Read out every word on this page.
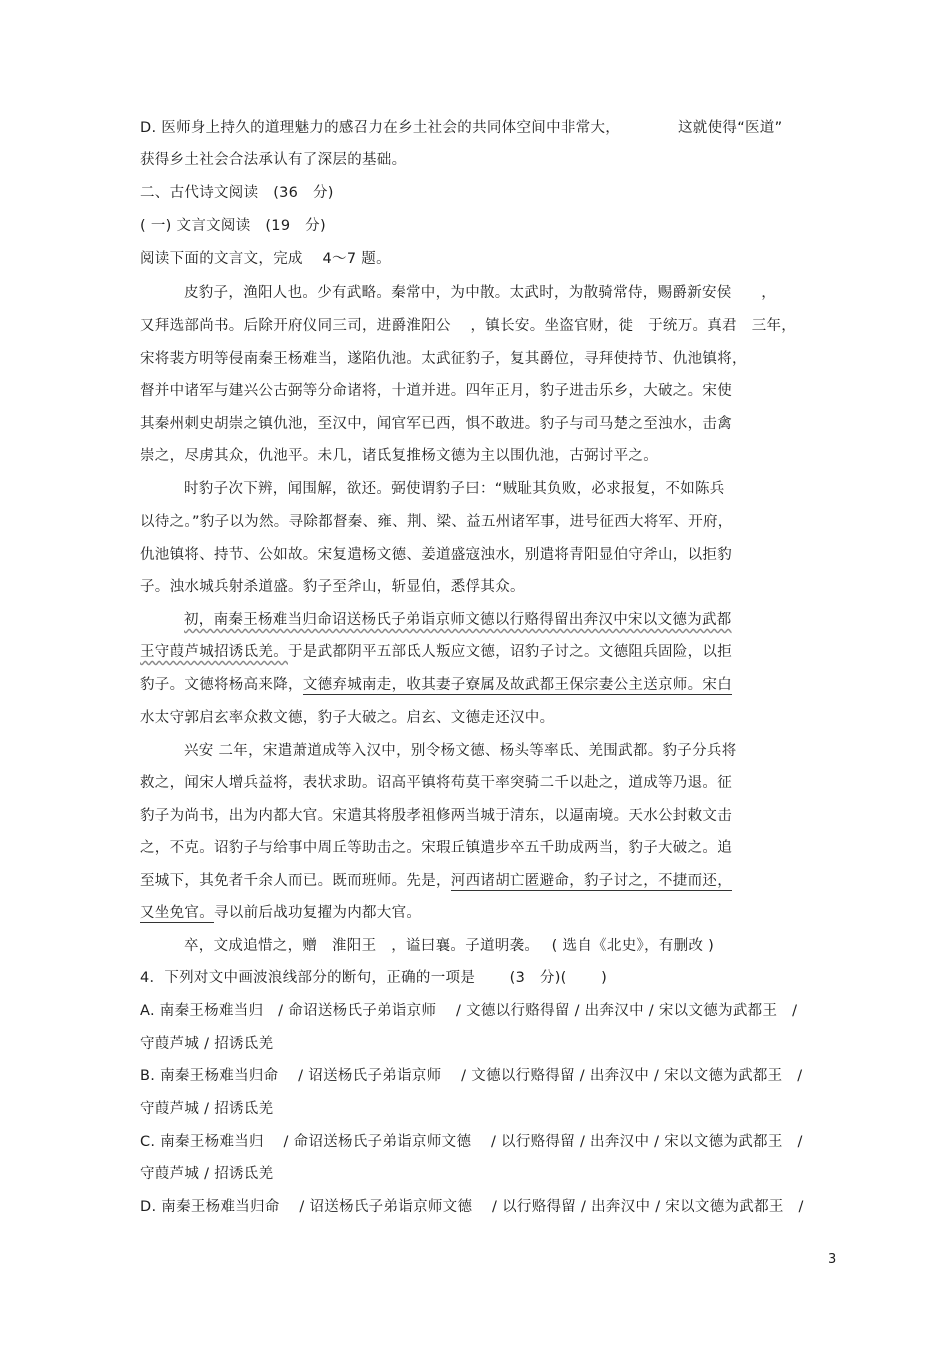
D. 医师身上持久的道理魅力的感召力在乡土社会的共同体空间中非常大，	这就使得“医道”
获得乡土社会合法承认有了深层的基础。
二、古代诗文阅读　(36　分)
( 一) 文言文阅读　(19　分)
阅读下面的文言文，完成　 4～7 题。
皮豹子，渔阳人也。少有武略。秦常中，为中散。太武时，为散骑常侍，赐爵新安侯　　，
又拜选部尚书。后除开府仪同三司，进爵淮阳公　 ，镇长安。坐盗官财，徙　于统万。真君　三年，
宋将裴方明等侵南秦王杨难当，遂陷仇池。太武征豹子，复其爵位，寻拜使持节、仇池镇将，
督并中诸军与建兴公古弼等分命诸将，十道并进。四年正月，豹子进击乐乡，大破之。宋使
其秦州刺史胡崇之镇仇池，至汉中，闻官军已西，惧不敢进。豹子与司马楚之至浊水，击禽
崇之，尽虏其众，仇池平。未几，诸氐复推杨文德为主以围仇池，古弼讨平之。
时豹子次下辨，闻围解，欲还。弼使谓豹子曰：“贼耻其负败，必求报复，不如陈兵
以待之。”豹子以为然。寻除都督秦、雍、荆、梁、益五州诸军事，进号征西大将军、开府，
仇池镇将、持节、公如故。宋复遣杨文德、姜道盛寇浊水，别遣将青阳显伯守斧山，以拒豹
子。浊水城兵射杀道盛。豹子至斧山，斩显伯，悉俘其众。
初，南秦王杨难当归命诏送杨氏子弟诣京师文德以行赂得留出奔汉中宋以文德为武都
王守葭芦城招诱氐羌。于是武都阴平五部氐人叛应文德，诏豹子讨之。文德阻兵固险，以拒
豹子。文德将杨高来降，文德弃城南走，收其妻子寮属及故武都王保宗妻公主送京师。宋白
水太守郭启玄率众救文德，豹子大破之。启玄、文德走还汉中。
兴安 二年，宋遣萧道成等入汉中，别令杨文德、杨头等率氐、羌围武都。豹子分兵将
救之，闻宋人增兵益将，表状求助。诏高平镇将苟莫干率突骑二千以赴之，道成等乃退。征
豹子为尚书，出为内都大官。宋遣其将殷孝祖修两当城于清东，以逼南境。天水公封敕文击
之，不克。诏豹子与给事中周丘等助击之。宋瑕丘镇遣步卒五千助成两当，豹子大破之。追
至城下，其免者千余人而已。既而班师。先是，河西诸胡亡匿避命，豹子讨之，不捷而还，
又坐免官。寻以前后战功复擢为内都大官。
卒，文成追惜之，赠　淮阳王　，谥曰襄。子道明袭。　 ( 选自《北史》，有删改 )
4．下列对文中画波浪线部分的断句，正确的一项是　　 (3　分)(　　 )
A. 南秦王杨难当归　/ 命诏送杨氏子弟诣京师　 / 文德以行赂得留 / 出奔汉中 / 宋以文德为武都王　/
守葭芦城 / 招诱氐羌
B. 南秦王杨难当归命　 / 诏送杨氏子弟诣京师　 / 文德以行赂得留 / 出奔汉中 / 宋以文德为武都王　/
守葭芦城 / 招诱氐羌
C. 南秦王杨难当归　 / 命诏送杨氏子弟诣京师文德　 / 以行赂得留 / 出奔汉中 / 宋以文德为武都王　/
守葭芦城 / 招诱氐羌
D. 南秦王杨难当归命　 / 诏送杨氏子弟诣京师文德　 / 以行赂得留 / 出奔汉中 / 宋以文德为武都王　/
3
